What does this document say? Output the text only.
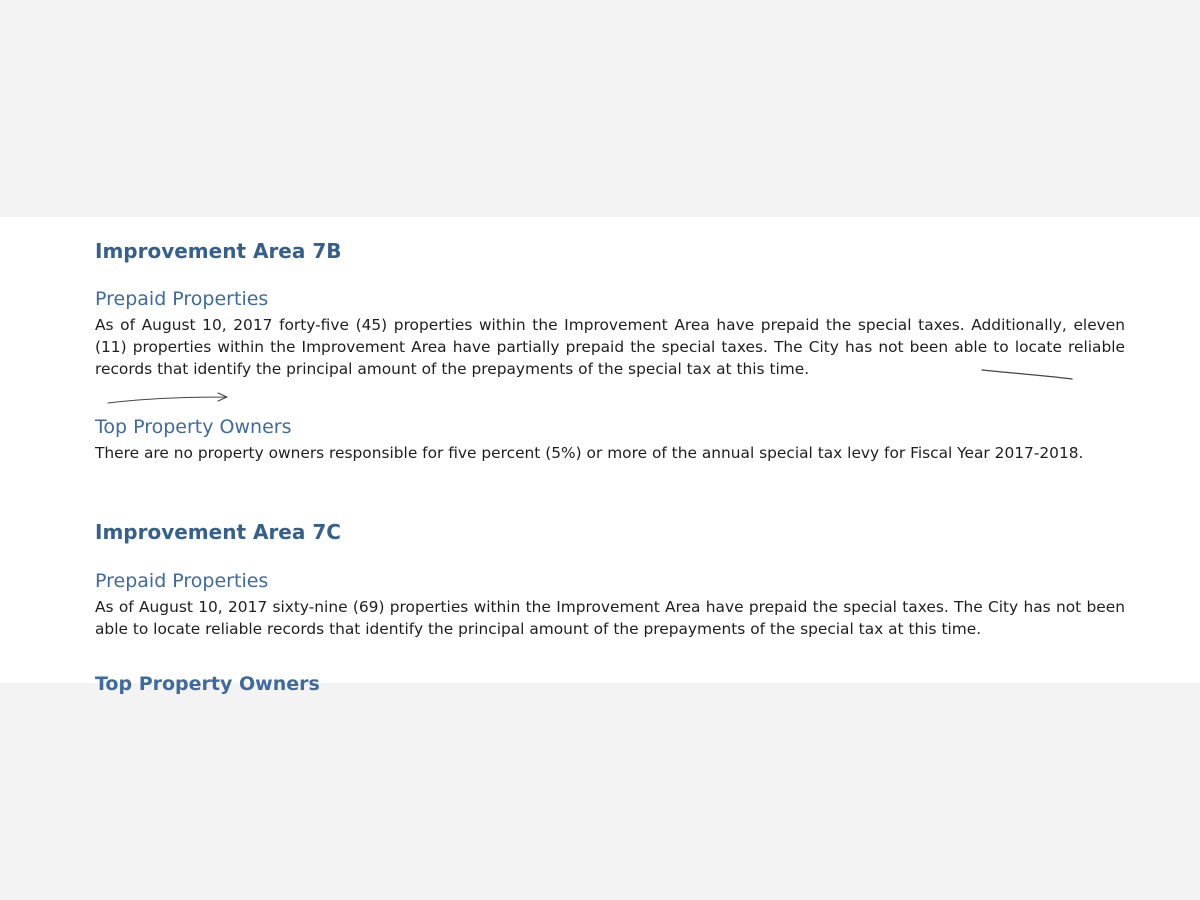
Improvement Area 7B
Prepaid Properties

As of August 10, 2017 forty-five (45) properties within the Improvement Area have prepaid the special taxes. Additionally, eleven (11) properties within the Improvement Area have partially prepaid the special taxes. The City has not been able to locate reliable records that identify the principal amount of the prepayments of the special tax at this time.

Top Property Owners

There are no property owners responsible for five percent (5%) or more of the annual special tax levy for Fiscal Year 2017-2018.

Improvement Area 7C
Prepaid Properties

As of August 10, 2017 sixty-nine (69) properties within the Improvement Area have prepaid the special taxes. The City has not been able to locate reliable records that identify the principal amount of the prepayments of the special tax at this time.

Top Property Owners
